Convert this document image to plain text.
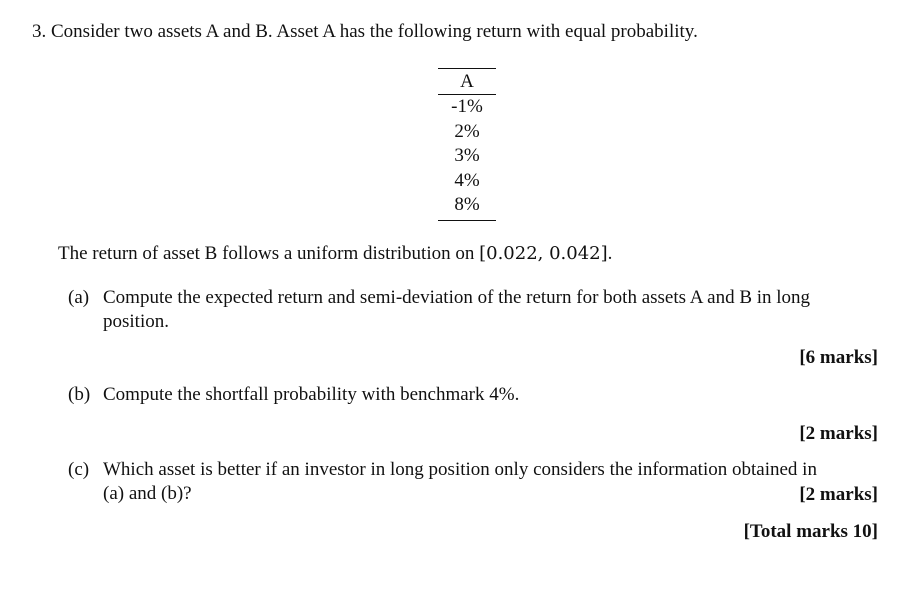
3. Consider two assets A and B. Asset A has the following return with equal probability.
A
-1%
2%
3%
4%
8%
The return of asset B follows a uniform distribution on [0.022, 0.042].
(a) Compute the expected return and semi-deviation of the return for both assets A and B in long
position.
[6 marks]
(b) Compute the shortfall probability with benchmark 4%.
[2 marks]
(c) Which asset is better if an investor in long position only considers the information obtained in
(a) and (b)?	[2 marks]
[Total marks 10]
